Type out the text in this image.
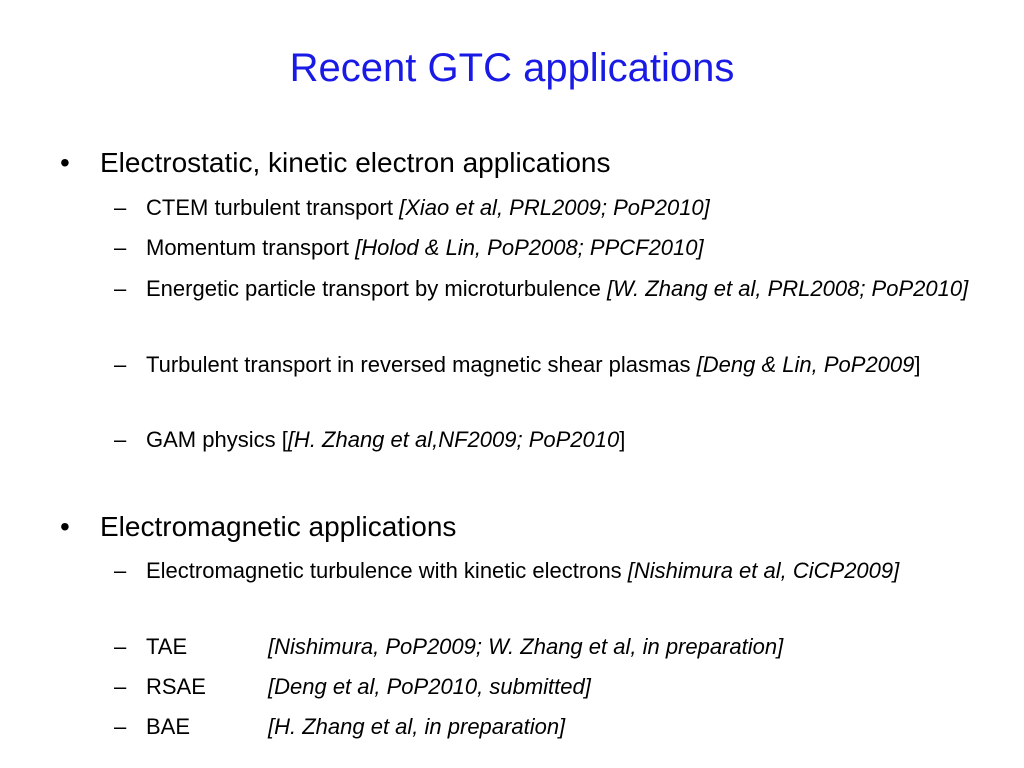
Recent GTC applications
• Electrostatic, kinetic electron applications
– CTEM turbulent transport [Xiao et al, PRL2009; PoP2010]
– Momentum transport [Holod & Lin, PoP2008; PPCF2010]
– Energetic particle transport by microturbulence [W. Zhang et al, PRL2008; PoP2010]
– Turbulent transport in reversed magnetic shear plasmas [Deng & Lin, PoP2009]
– GAM physics [[H. Zhang et al,NF2009; PoP2010]
• Electromagnetic applications
– Electromagnetic turbulence with kinetic electrons [Nishimura et al, CiCP2009]
– TAE	[Nishimura, PoP2009; W. Zhang et al, in preparation]
– RSAE	[Deng et al, PoP2010, submitted]
– BAE	[H. Zhang et al, in preparation]
